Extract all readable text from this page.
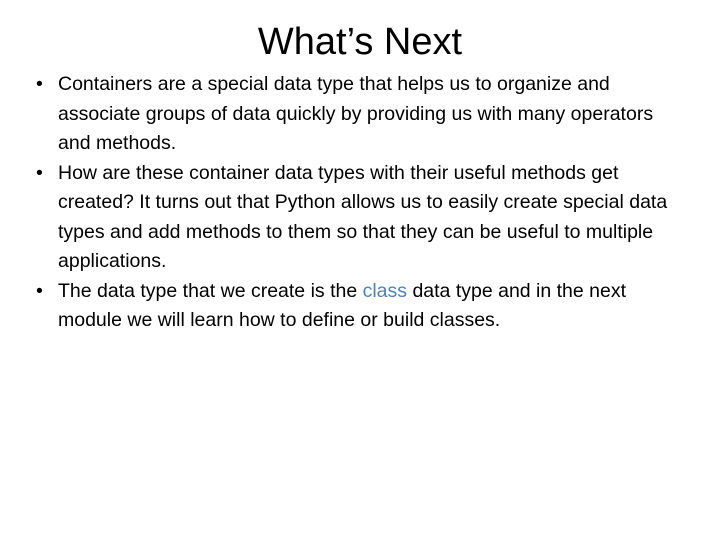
What’s Next
• Containers are a special data type that helps us to organize and associate groups of data quickly by providing us with many operators and methods.
• How are these container data types with their useful methods get created? It turns out that Python allows us to easily create special data types and add methods to them so that they can be useful to multiple applications.
• The data type that we create is the class data type and in the next module we will learn how to define or build classes.
